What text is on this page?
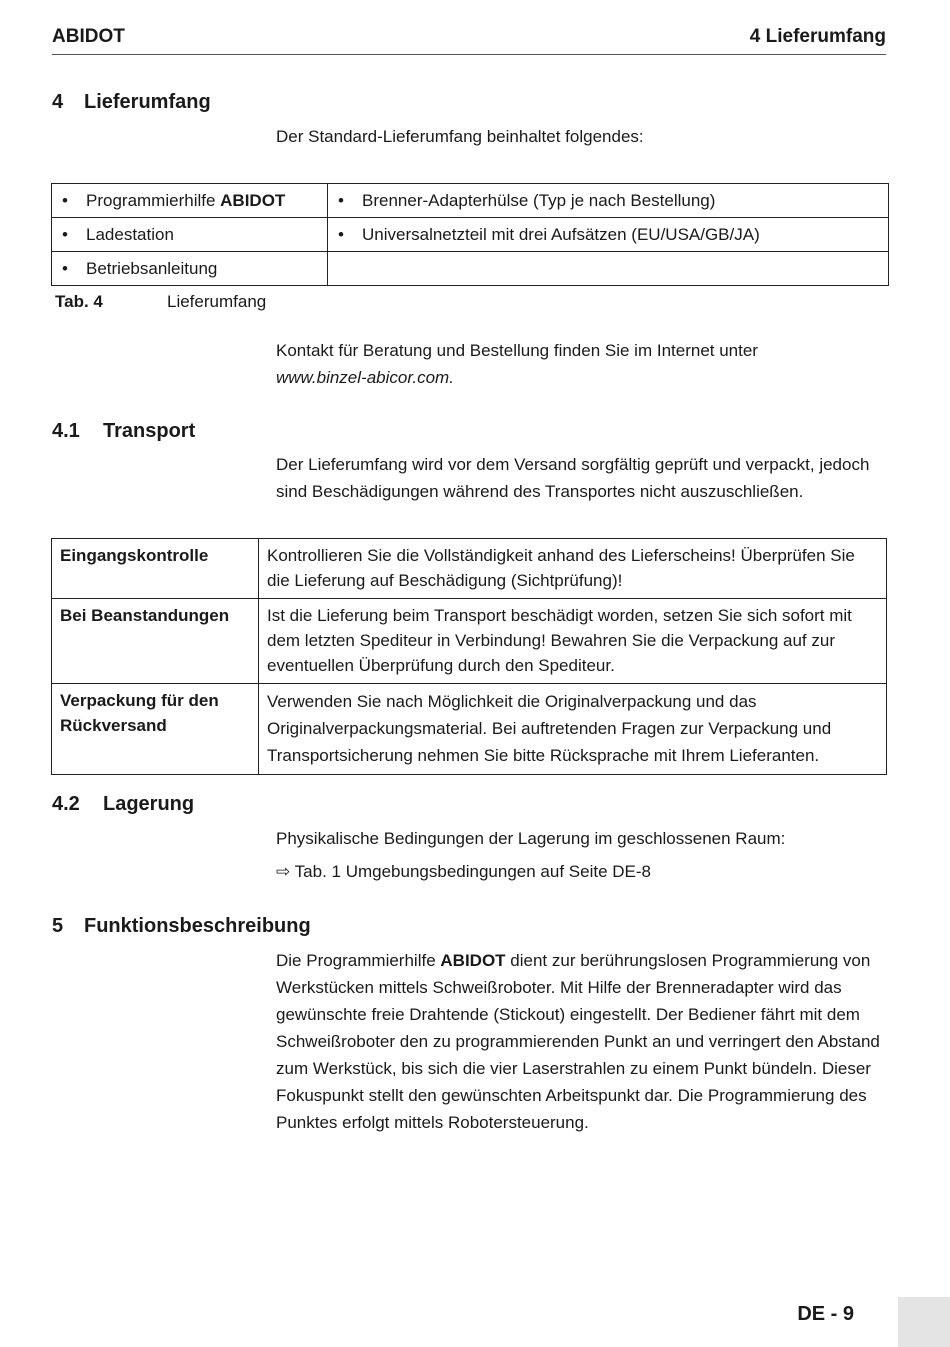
ABIDOT	4 Lieferumfang
4 Lieferumfang
Der Standard-Lieferumfang beinhaltet folgendes:
• Programmierhilfe ABIDOT	• Brenner-Adapterhülse (Typ je nach Bestellung)
• Ladestation	• Universalnetzteil mit drei Aufsätzen (EU/USA/GB/JA)
• Betriebsanleitung	
Tab. 4	Lieferumfang
Kontakt für Beratung und Bestellung finden Sie im Internet unter
www.binzel-abicor.com.
4.1 Transport
Der Lieferumfang wird vor dem Versand sorgfältig geprüft und verpackt, jedoch sind Beschädigungen während des Transportes nicht auszuschließen.
Eingangskontrolle	Kontrollieren Sie die Vollständigkeit anhand des Lieferscheins! Überprüfen Sie die Lieferung auf Beschädigung (Sichtprüfung)!
Bei Beanstandungen	Ist die Lieferung beim Transport beschädigt worden, setzen Sie sich sofort mit dem letzten Spediteur in Verbindung! Bewahren Sie die Verpackung auf zur eventuellen Überprüfung durch den Spediteur.
Verpackung für den Rückversand	Verwenden Sie nach Möglichkeit die Originalverpackung und das Originalverpackungsmaterial. Bei auftretenden Fragen zur Verpackung und Transportsicherung nehmen Sie bitte Rücksprache mit Ihrem Lieferanten.
4.2 Lagerung
Physikalische Bedingungen der Lagerung im geschlossenen Raum:
⇨ Tab. 1 Umgebungsbedingungen auf Seite DE-8
5 Funktionsbeschreibung
Die Programmierhilfe ABIDOT dient zur berührungslosen Programmierung von Werkstücken mittels Schweißroboter. Mit Hilfe der Brenneradapter wird das gewünschte freie Drahtende (Stickout) eingestellt. Der Bediener fährt mit dem Schweißroboter den zu programmierenden Punkt an und verringert den Abstand zum Werkstück, bis sich die vier Laserstrahlen zu einem Punkt bündeln. Dieser Fokuspunkt stellt den gewünschten Arbeitspunkt dar. Die Programmierung des Punktes erfolgt mittels Robotersteuerung.
DE - 9
